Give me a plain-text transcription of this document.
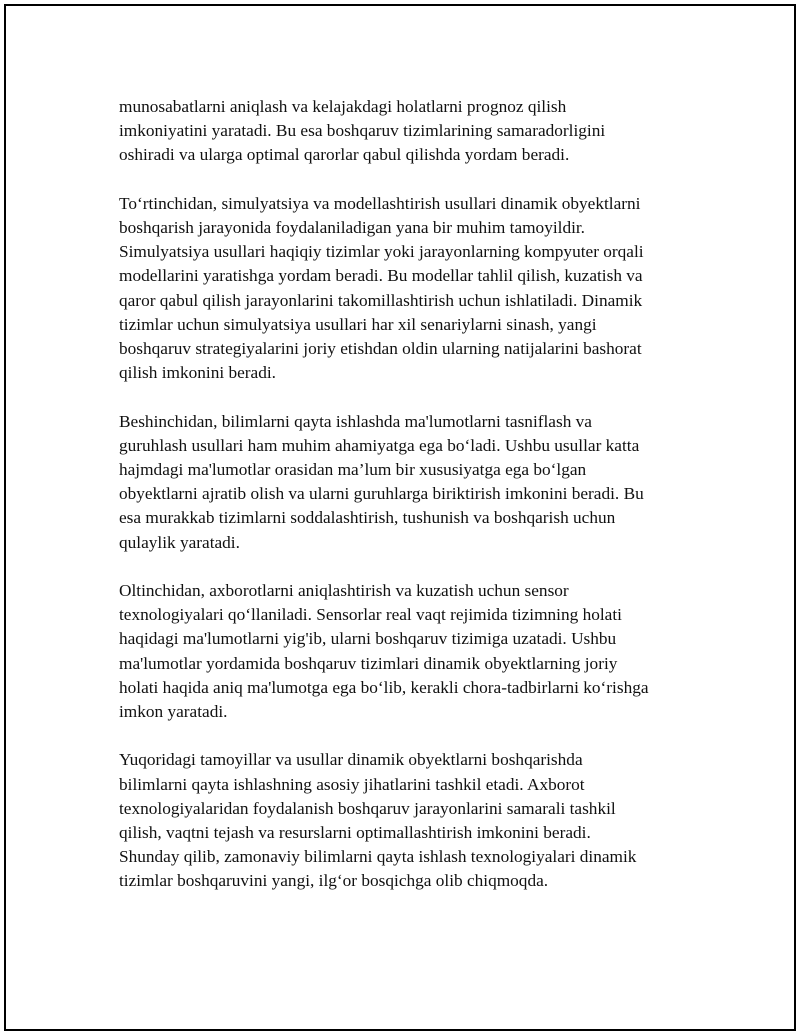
munosabatlarni aniqlash va kelajakdagi holatlarni prognoz qilish
imkoniyatini yaratadi. Bu esa boshqaruv tizimlarining samaradorligini
oshiradi va ularga optimal qarorlar qabul qilishda yordam beradi.

To‘rtinchidan, simulyatsiya va modellashtirish usullari dinamik obyektlarni
boshqarish jarayonida foydalaniladigan yana bir muhim tamoyildir.
Simulyatsiya usullari haqiqiy tizimlar yoki jarayonlarning kompyuter orqali
modellarini yaratishga yordam beradi. Bu modellar tahlil qilish, kuzatish va
qaror qabul qilish jarayonlarini takomillashtirish uchun ishlatiladi. Dinamik
tizimlar uchun simulyatsiya usullari har xil senariylarni sinash, yangi
boshqaruv strategiyalarini joriy etishdan oldin ularning natijalarini bashorat
qilish imkonini beradi.

Beshinchidan, bilimlarni qayta ishlashda ma'lumotlarni tasniflash va
guruhlash usullari ham muhim ahamiyatga ega bo‘ladi. Ushbu usullar katta
hajmdagi ma'lumotlar orasidan ma’lum bir xususiyatga ega bo‘lgan
obyektlarni ajratib olish va ularni guruhlarga biriktirish imkonini beradi. Bu
esa murakkab tizimlarni soddalashtirish, tushunish va boshqarish uchun
qulaylik yaratadi.

Oltinchidan, axborotlarni aniqlashtirish va kuzatish uchun sensor
texnologiyalari qo‘llaniladi. Sensorlar real vaqt rejimida tizimning holati
haqidagi ma'lumotlarni yig'ib, ularni boshqaruv tizimiga uzatadi. Ushbu
ma'lumotlar yordamida boshqaruv tizimlari dinamik obyektlarning joriy
holati haqida aniq ma'lumotga ega bo‘lib, kerakli chora-tadbirlarni ko‘rishga
imkon yaratadi.

Yuqoridagi tamoyillar va usullar dinamik obyektlarni boshqarishda
bilimlarni qayta ishlashning asosiy jihatlarini tashkil etadi. Axborot
texnologiyalaridan foydalanish boshqaruv jarayonlarini samarali tashkil
qilish, vaqtni tejash va resurslarni optimallashtirish imkonini beradi.
Shunday qilib, zamonaviy bilimlarni qayta ishlash texnologiyalari dinamik
tizimlar boshqaruvini yangi, ilg‘or bosqichga olib chiqmoqda.
